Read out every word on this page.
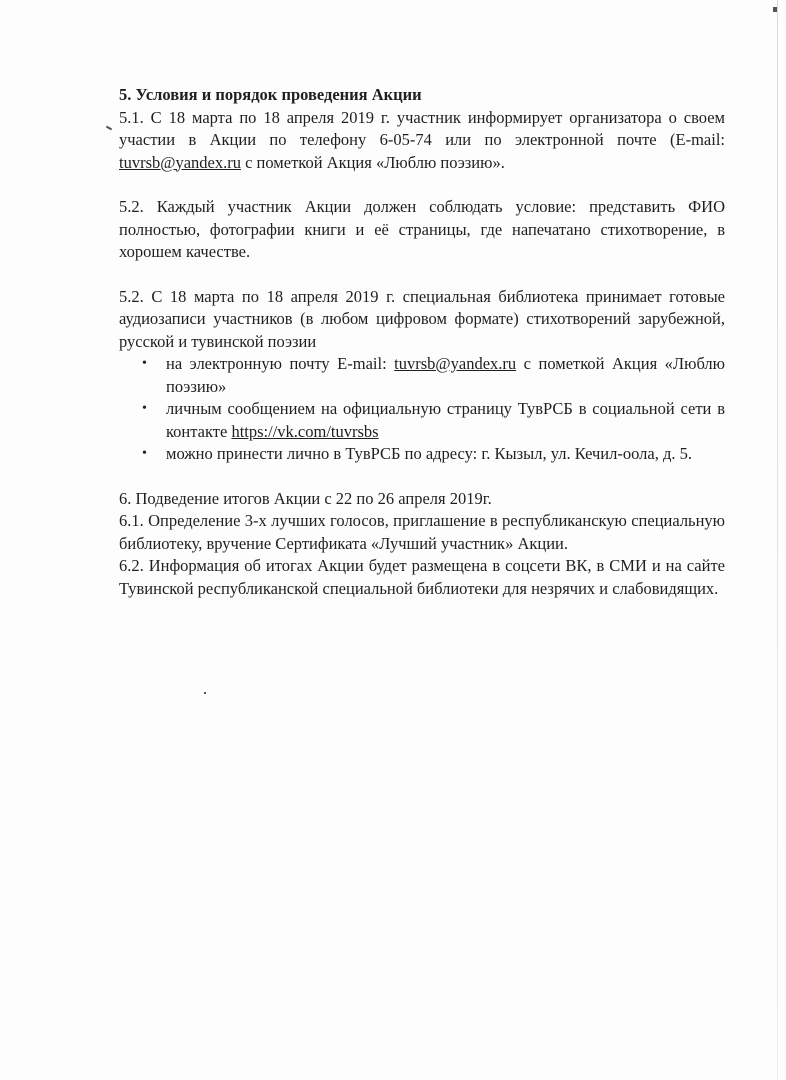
5. Условия и порядок проведения Акции

5.1. С 18 марта по 18 апреля 2019 г. участник информирует организатора о своем участии в Акции по телефону 6-05-74 или по электронной почте (E-mail: tuvrsb@yandex.ru с пометкой Акция «Люблю поэзию».

5.2. Каждый участник Акции должен соблюдать условие: представить ФИО полностью, фотографии книги и её страницы, где напечатано стихотворение, в хорошем качестве.

5.2. С 18 марта по 18 апреля 2019 г. специальная библиотека принимает готовые аудиозаписи участников (в любом цифровом формате) стихотворений зарубежной, русской и тувинской поэзии

• на электронную почту E-mail: tuvrsb@yandex.ru с пометкой Акция «Люблю поэзию»
• личным сообщением на официальную страницу ТувРСБ в социальной сети в контакте https://vk.com/tuvrsbs
• можно принести лично в ТувРСБ по адресу: г. Кызыл, ул. Кечил-оола, д. 5.

6. Подведение итогов Акции с 22 по 26 апреля 2019г.

6.1. Определение 3-х лучших голосов, приглашение в республиканскую специальную библиотеку, вручение Сертификата «Лучший участник» Акции.

6.2. Информация об итогах Акции будет размещена в соцсети ВК, в СМИ и на сайте Тувинской республиканской специальной библиотеки для незрячих и слабовидящих.
